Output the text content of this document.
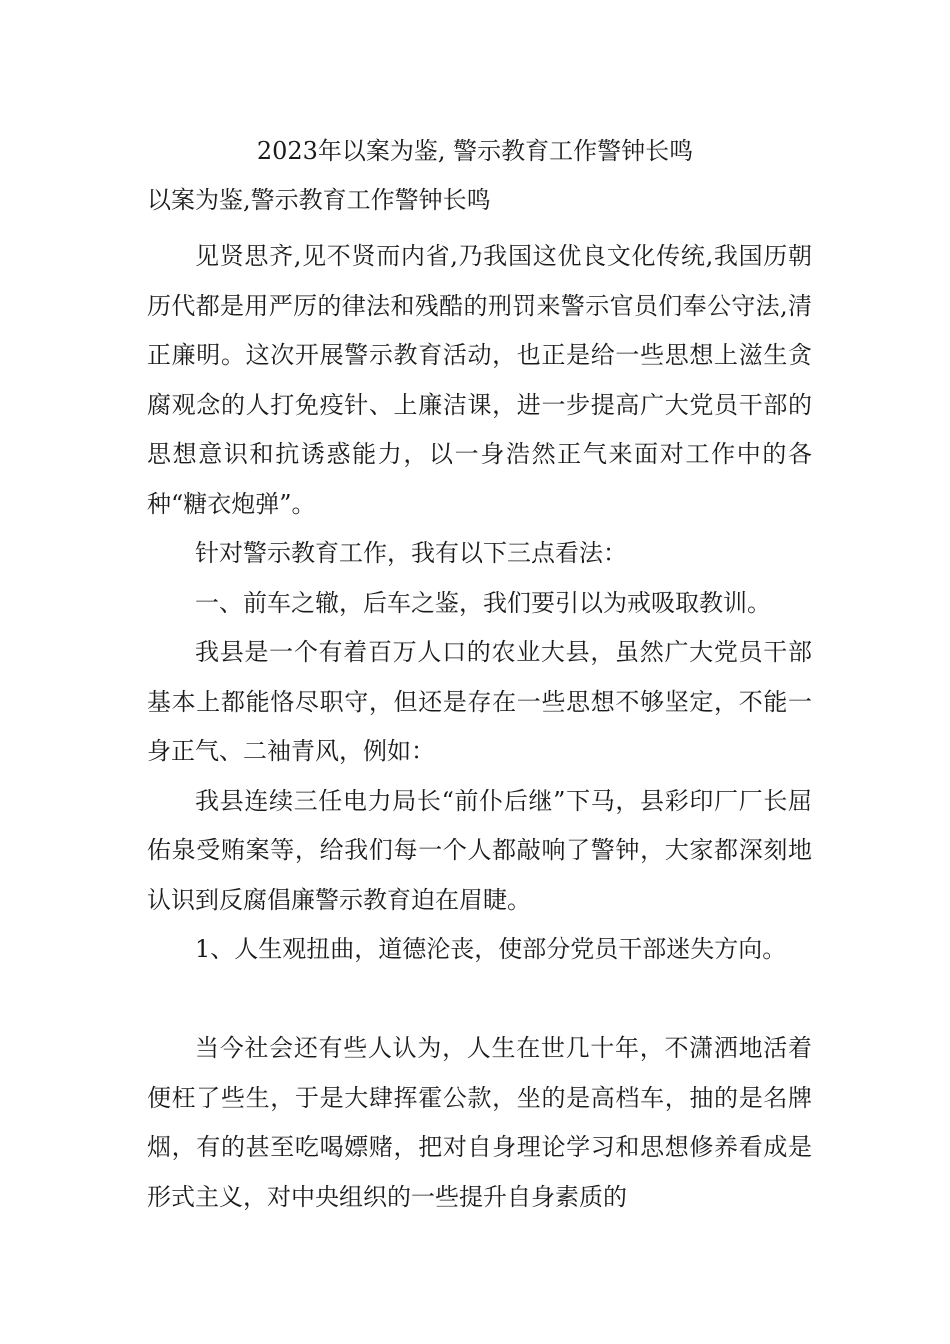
2023年以案为鉴, 警示教育工作警钟长鸣
以案为鉴,警示教育工作警钟长鸣

见贤思齐,见不贤而内省,乃我国这优良文化传统,我国历朝历代都是用严厉的律法和残酷的刑罚来警示官员们奉公守法,清正廉明。这次开展警示教育活动，也正是给一些思想上滋生贪腐观念的人打免疫针、上廉洁课，进一步提高广大党员干部的思想意识和抗诱惑能力，以一身浩然正气来面对工作中的各种“糖衣炮弹”。

针对警示教育工作，我有以下三点看法：

一、前车之辙，后车之鉴，我们要引以为戒吸取教训。

我县是一个有着百万人口的农业大县，虽然广大党员干部基本上都能恪尽职守，但还是存在一些思想不够坚定，不能一身正气、二袖青风，例如：

我县连续三任电力局长“前仆后继”下马，县彩印厂厂长屈佑泉受贿案等，给我们每一个人都敲响了警钟，大家都深刻地认识到反腐倡廉警示教育迫在眉睫。

1、人生观扭曲，道德沦丧，使部分党员干部迷失方向。

当今社会还有些人认为，人生在世几十年，不潇洒地活着便枉了些生，于是大肆挥霍公款，坐的是高档车，抽的是名牌烟，有的甚至吃喝嫖赌，把对自身理论学习和思想修养看成是形式主义，对中央组织的一些提升自身素质的
